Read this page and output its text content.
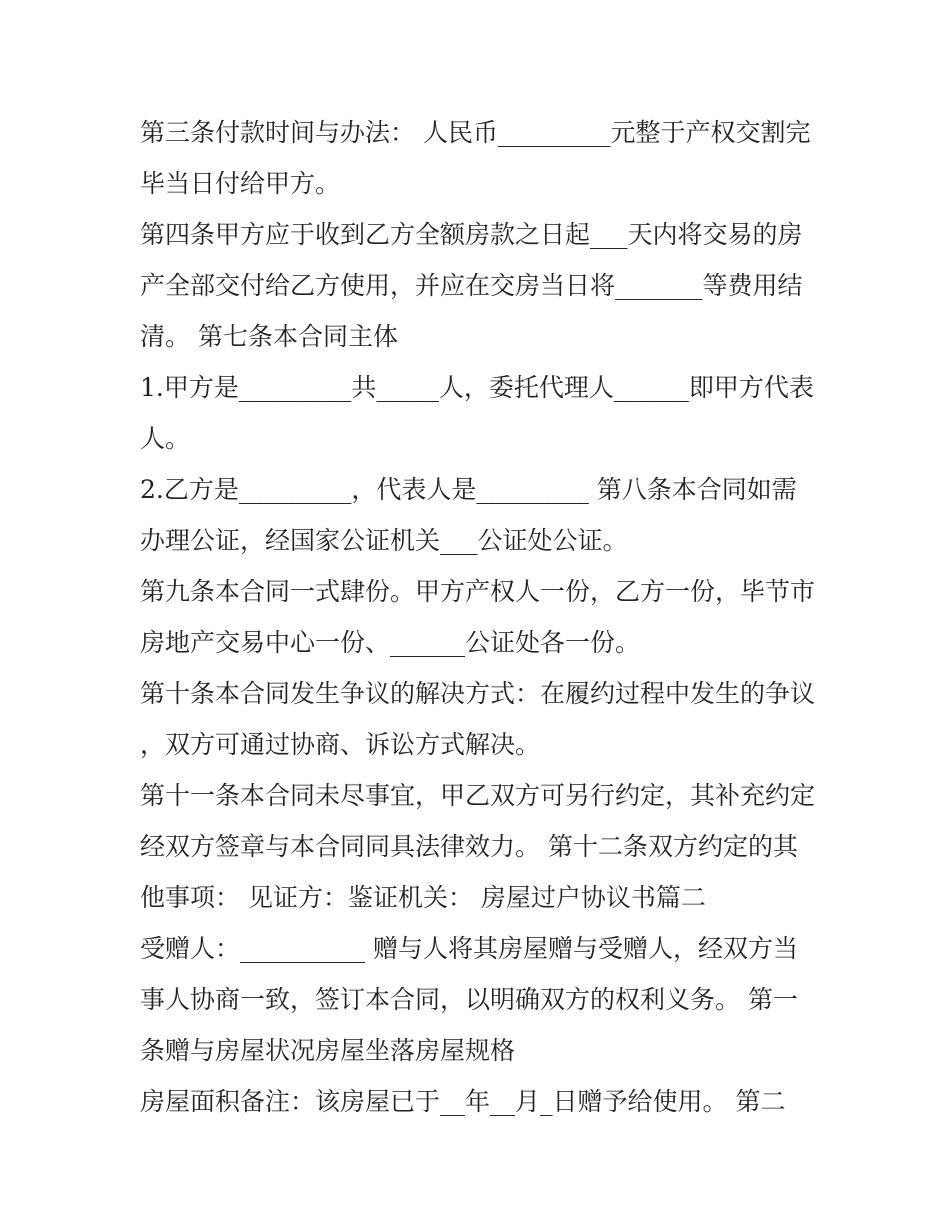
第三条付款时间与办法： 人民币_________元整于产权交割完毕当日付给甲方。

第四条甲方应于收到乙方全额房款之日起___天内将交易的房产全部交付给乙方使用，并应在交房当日将_______等费用结清。 第七条本合同主体

1.甲方是_________共_____人，委托代理人______即甲方代表人。

2.乙方是_________，代表人是_________ 第八条本合同如需办理公证，经国家公证机关___公证处公证。

第九条本合同一式肆份。甲方产权人一份，乙方一份，毕节市房地产交易中心一份、______公证处各一份。

第十条本合同发生争议的解决方式：在履约过程中发生的争议，双方可通过协商、诉讼方式解决。

第十一条本合同未尽事宜，甲乙双方可另行约定，其补充约定经双方签章与本合同同具法律效力。 第十二条双方约定的其他事项： 见证方：鉴证机关： 房屋过户协议书篇二

受赠人：__________ 赠与人将其房屋赠与受赠人，经双方当事人协商一致，签订本合同，以明确双方的权利义务。 第一条赠与房屋状况房屋坐落房屋规格

房屋面积备注：该房屋已于__年__月_日赠予给使用。 第二
